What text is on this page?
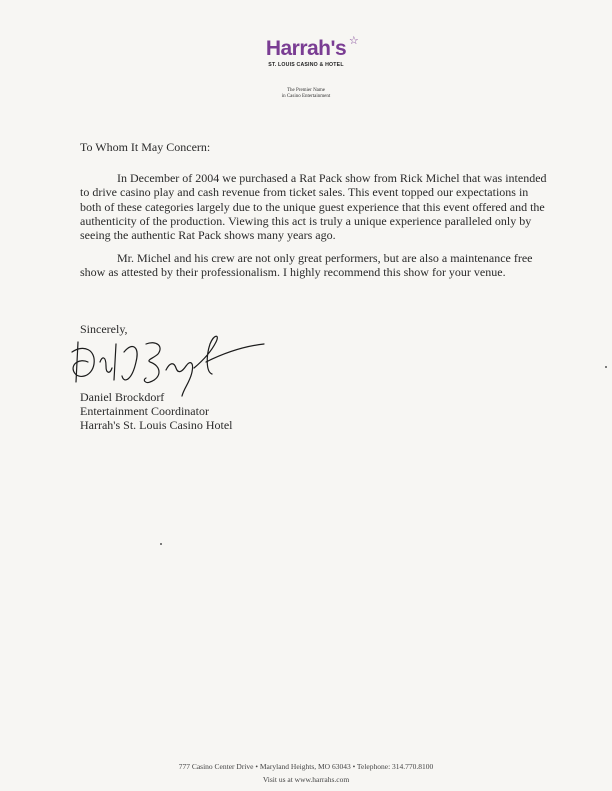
Harrah's ☆
ST. LOUIS CASINO & HOTEL
The Premier Name
in Casino Entertainment
To Whom It May Concern:
In December of 2004 we purchased a Rat Pack show from Rick Michel that was intended to drive casino play and cash revenue from ticket sales. This event topped our expectations in both of these categories largely due to the unique guest experience that this event offered and the authenticity of the production. Viewing this act is truly a unique experience paralleled only by seeing the authentic Rat Pack shows many years ago.
Mr. Michel and his crew are not only great performers, but are also a maintenance free show as attested by their professionalism. I highly recommend this show for your venue.
Sincerely,
Daniel Brockdorf
Entertainment Coordinator
Harrah's St. Louis Casino Hotel
777 Casino Center Drive • Maryland Heights, MO 63043 • Telephone: 314.770.8100
Visit us at www.harrahs.com
